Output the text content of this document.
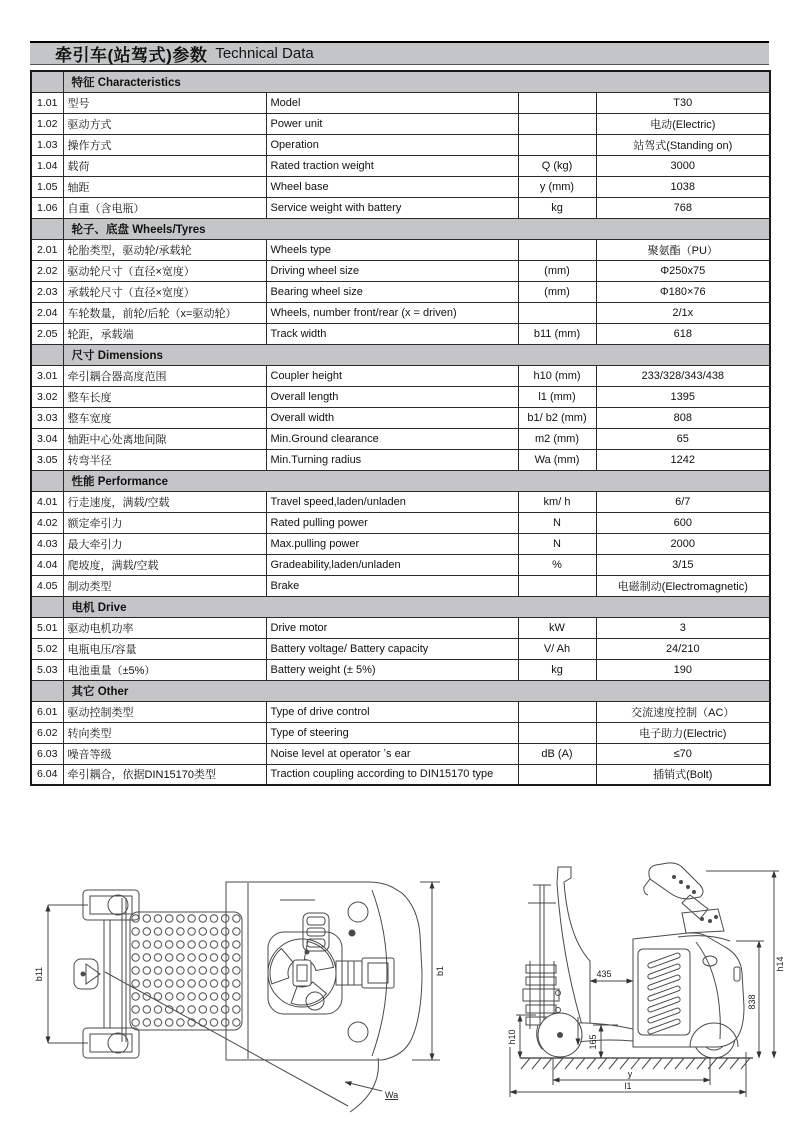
牵引车(站驾式)参数 Technical Data
	特征 Characteristics			
1.01	型号	Model		T30
1.02	驱动方式	Power unit		电动(Electric)
1.03	操作方式	Operation		站驾式(Standing on)
1.04	载荷	Rated traction weight	Q (kg)	3000
1.05	轴距	Wheel base	y (mm)	1038
1.06	自重（含电瓶）	Service weight with battery	kg	768
	轮子、底盘 Wheels/Tyres			
2.01	轮胎类型，驱动轮/承载轮	Wheels type		聚氨酯（PU）
2.02	驱动轮尺寸（直径×宽度）	Driving wheel size	(mm)	Φ250x75
2.03	承载轮尺寸（直径×宽度）	Bearing wheel size	(mm)	Φ180×76
2.04	车轮数量，前轮/后轮（x=驱动轮）	Wheels, number front/rear (x = driven)		2/1x
2.05	轮距，承载端	Track width	b11 (mm)	618
	尺寸 Dimensions			
3.01	牵引耦合器高度范围	Coupler height	h10 (mm)	233/328/343/438
3.02	整车长度	Overall length	l1 (mm)	1395
3.03	整车宽度	Overall width	b1/ b2 (mm)	808
3.04	轴距中心处离地间隙	Min.Ground clearance	m2 (mm)	65
3.05	转弯半径	Min.Turning radius	Wa (mm)	1242
	性能 Performance			
4.01	行走速度，满载/空载	Travel speed,laden/unladen	km/ h	6/7
4.02	额定牵引力	Rated pulling power	N	600
4.03	最大牵引力	Max.pulling power	N	2000
4.04	爬坡度，满载/空载	Gradeability,laden/unladen	%	3/15
4.05	制动类型	Brake		电磁制动(Electromagnetic)
	电机 Drive			
5.01	驱动电机功率	Drive motor	kW	3
5.02	电瓶电压/容量	Battery voltage/ Battery capacity	V/ Ah	24/210
5.03	电池重量（±5%）	Battery weight (± 5%)	kg	190
	其它 Other			
6.01	驱动控制类型	Type of drive control		交流速度控制（AC）
6.02	转向类型	Type of steering		电子助力(Electric)
6.03	噪音等级	Noise level at operator ʼs ear	dB (A)	≤70
6.04	牵引耦合，依据DIN15170类型	Traction coupling according to DIN15170 type		插销式(Bolt)
b11	b1
Wa
435
h14
838
h10	165
y
l1
